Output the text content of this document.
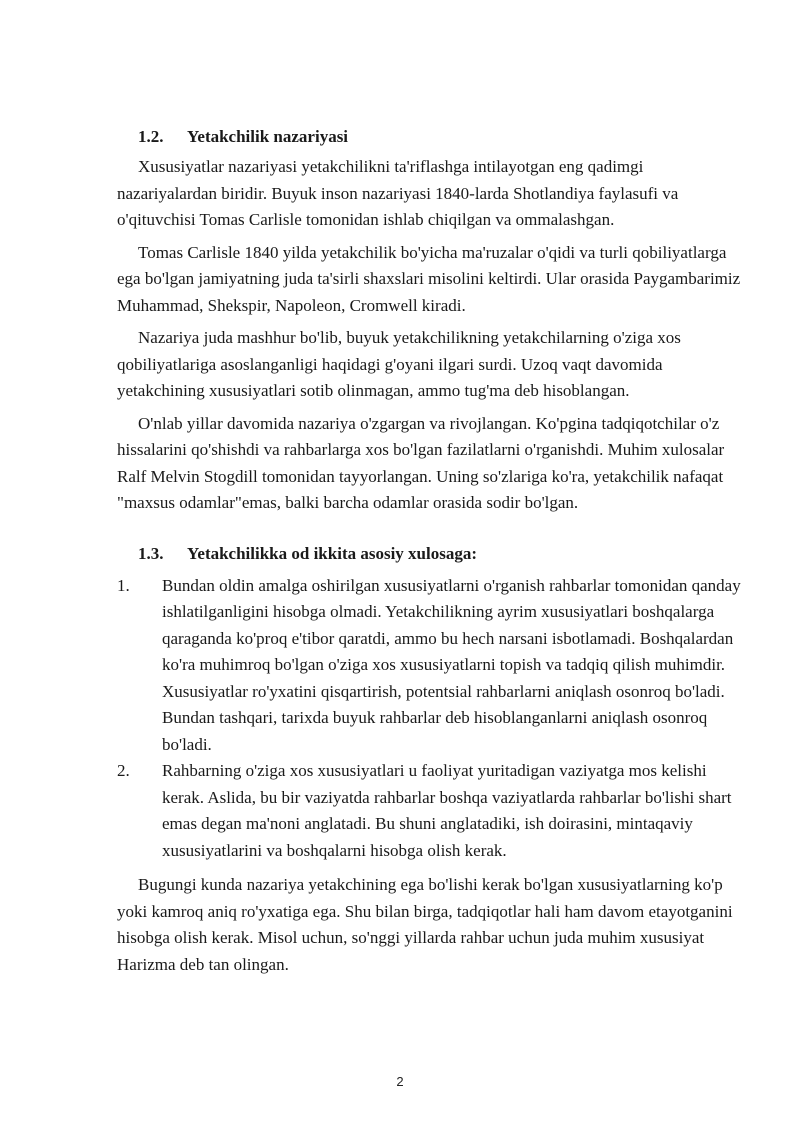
1.2.	Yetakchilik nazariyasi

Xususiyatlar nazariyasi yetakchilikni ta'riflashga intilayotgan eng qadimgi nazariyalardan biridir. Buyuk inson nazariyasi 1840-larda Shotlandiya faylasufi va o'qituvchisi Tomas Carlisle tomonidan ishlab chiqilgan va ommalashgan.

Tomas Carlisle 1840 yilda yetakchilik bo'yicha ma'ruzalar o'qidi va turli qobiliyatlarga ega bo'lgan jamiyatning juda ta'sirli shaxslari misolini keltirdi. Ular orasida Paygambarimiz Muhammad, Shekspir, Napoleon, Cromwell kiradi.

Nazariya juda mashhur bo'lib, buyuk yetakchilikning yetakchilarning o'ziga xos qobiliyatlariga asoslanganligi haqidagi g'oyani ilgari surdi. Uzoq vaqt davomida yetakchining xususiyatlari sotib olinmagan, ammo tug'ma deb hisoblangan.

O'nlab yillar davomida nazariya o'zgargan va rivojlangan. Ko'pgina tadqiqotchilar o'z hissalarini qo'shishdi va rahbarlarga xos bo'lgan fazilatlarni o'rganishdi. Muhim xulosalar Ralf Melvin Stogdill tomonidan tayyorlangan. Uning so'zlariga ko'ra, yetakchilik nafaqat "maxsus odamlar"emas, balki barcha odamlar orasida sodir bo'lgan.

1.3.	Yetakchilikka od ikkita asosiy xulosaga:
1.	Bundan oldin amalga oshirilgan xususiyatlarni o'rganish rahbarlar tomonidan qanday ishlatilganligini hisobga olmadi. Yetakchilikning ayrim xususiyatlari boshqalarga qaraganda ko'proq e'tibor qaratdi, ammo bu hech narsani isbotlamadi. Boshqalardan ko'ra muhimroq bo'lgan o'ziga xos xususiyatlarni topish va tadqiq qilish muhimdir. Xususiyatlar ro'yxatini qisqartirish, potentsial rahbarlarni aniqlash osonroq bo'ladi. Bundan tashqari, tarixda buyuk rahbarlar deb hisoblanganlarni aniqlash osonroq bo'ladi.
2.	Rahbarning o'ziga xos xususiyatlari u faoliyat yuritadigan vaziyatga mos kelishi kerak. Aslida, bu bir vaziyatda rahbarlar boshqa vaziyatlarda rahbarlar bo'lishi shart emas degan ma'noni anglatadi. Bu shuni anglatadiki, ish doirasini, mintaqaviy xususiyatlarini va boshqalarni hisobga olish kerak.

Bugungi kunda nazariya yetakchining ega bo'lishi kerak bo'lgan xususiyatlarning ko'p yoki kamroq aniq ro'yxatiga ega. Shu bilan birga, tadqiqotlar hali ham davom etayotganini hisobga olish kerak. Misol uchun, so'nggi yillarda rahbar uchun juda muhim xususiyat Harizma deb tan olingan.

2
